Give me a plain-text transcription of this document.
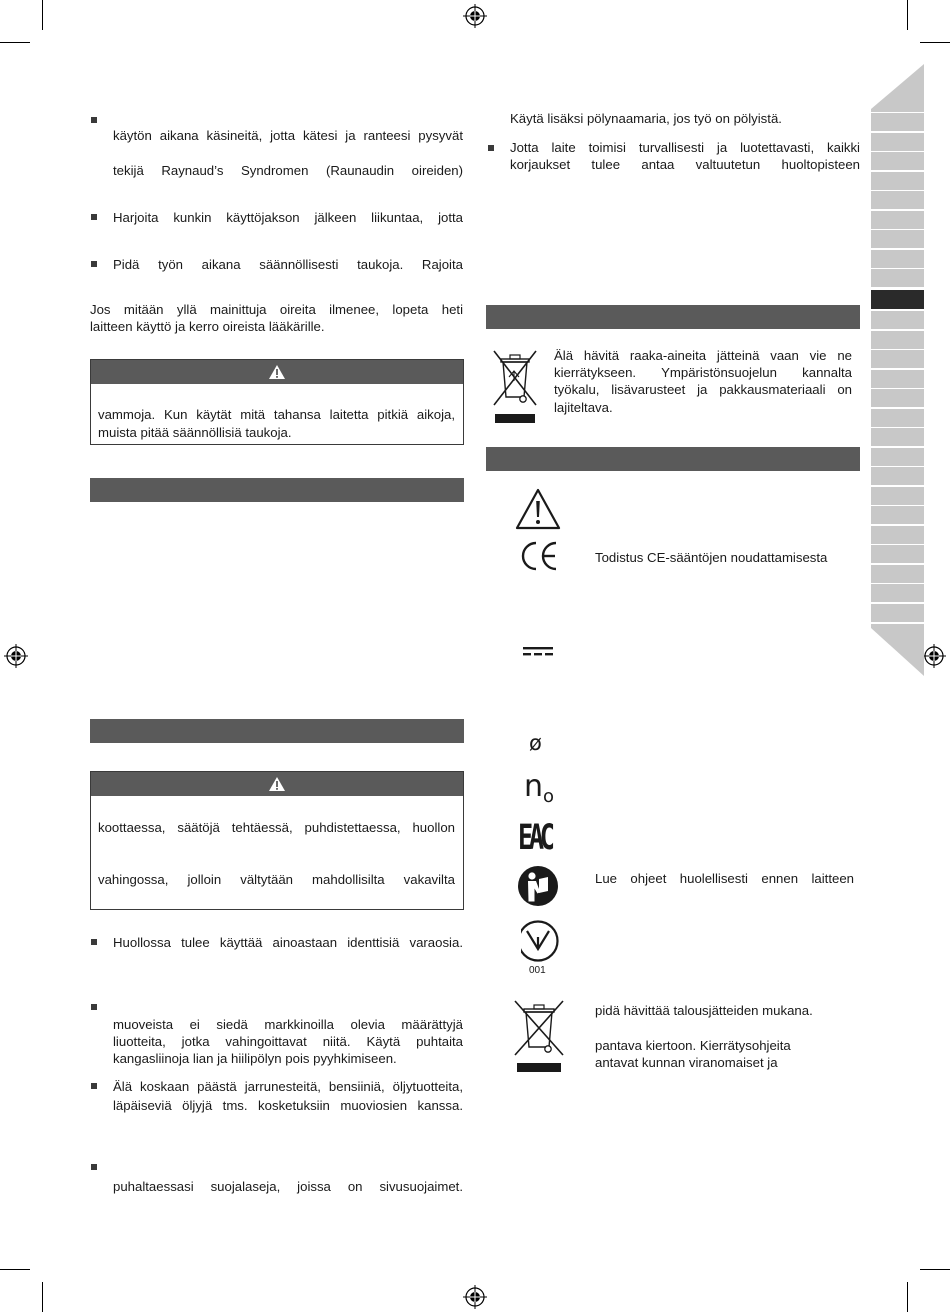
käytön aikana käsineitä, jotta kätesi ja ranteesi pysyvät
tekijä Raynaud’s Syndromen (Raunaudin oireiden)
Harjoita kunkin käyttöjakson jälkeen liikuntaa, jotta
Pidä työn aikana säännöllisesti taukoja. Rajoita
Jos mitään yllä mainittuja oireita ilmenee, lopeta heti
laitteen käyttö ja kerro oireista lääkärille.
vammoja. Kun käytät mitä tahansa laitetta pitkiä aikoja,
muista pitää säännöllisiä taukoja.
koottaessa, säätöjä tehtäessä, puhdistettaessa, huollon
vahingossa, jolloin vältytään mahdollisilta vakavilta
Huollossa tulee käyttää ainoastaan identtisiä varaosia.
muoveista ei siedä markkinoilla olevia määrättyjä
liuotteita, jotka vahingoittavat niitä. Käytä puhtaita
kangasliinoja lian ja hiilipölyn pois pyyhkimiseen.
Älä koskaan päästä jarrunesteitä, bensiiniä, öljytuotteita,
läpäiseviä öljyjä tms. kosketuksiin muoviosien kanssa.
puhaltaessasi suojalaseja, joissa on sivusuojaimet.
Käytä lisäksi pölynaamaria, jos työ on pölyistä.
Jotta laite toimisi turvallisesti ja luotettavasti, kaikki
korjaukset tulee antaa valtuutetun huoltopisteen
Älä hävitä raaka-aineita jätteinä vaan vie ne
kierrätykseen. Ympäristönsuojelun kannalta
työkalu, lisävarusteet ja pakkausmateriaali on
lajiteltava.
Todistus CE-sääntöjen noudattamisesta
ø
$n_o$
EAC
Lue ohjeet huolellisesti ennen laitteen
001
pidä hävittää talousjätteiden mukana.
pantava kiertoon. Kierrätysohjeita
antavat kunnan viranomaiset ja
